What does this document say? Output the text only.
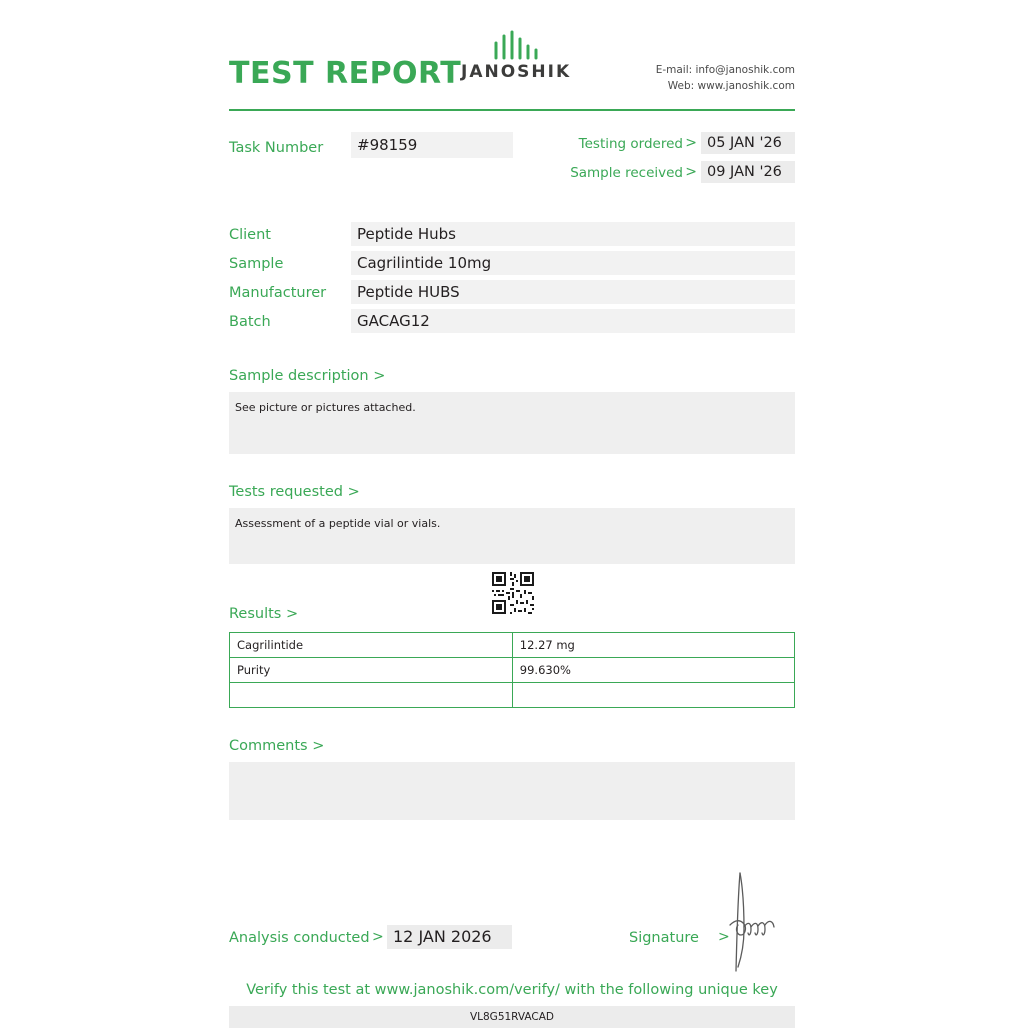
TEST REPORT JANOSHIK	E-mail: info@janoshik.com
Web: www.janoshik.com
Task Number	#98159	Testing ordered > 05 JAN '26
Sample received > 09 JAN '26
Client	Peptide Hubs
Sample	Cagrilintide 10mg
Manufacturer	Peptide HUBS
Batch	GACAG12
Sample description >
See picture or pictures attached.
Tests requested >
Assessment of a peptide vial or vials.
Results >
Cagrilintide	12.27 mg
Purity	99.630%

Comments >
Analysis conducted > 12 JAN 2026	Signature >
Verify this test at www.janoshik.com/verify/ with the following unique key
VL8G51RVACAD
